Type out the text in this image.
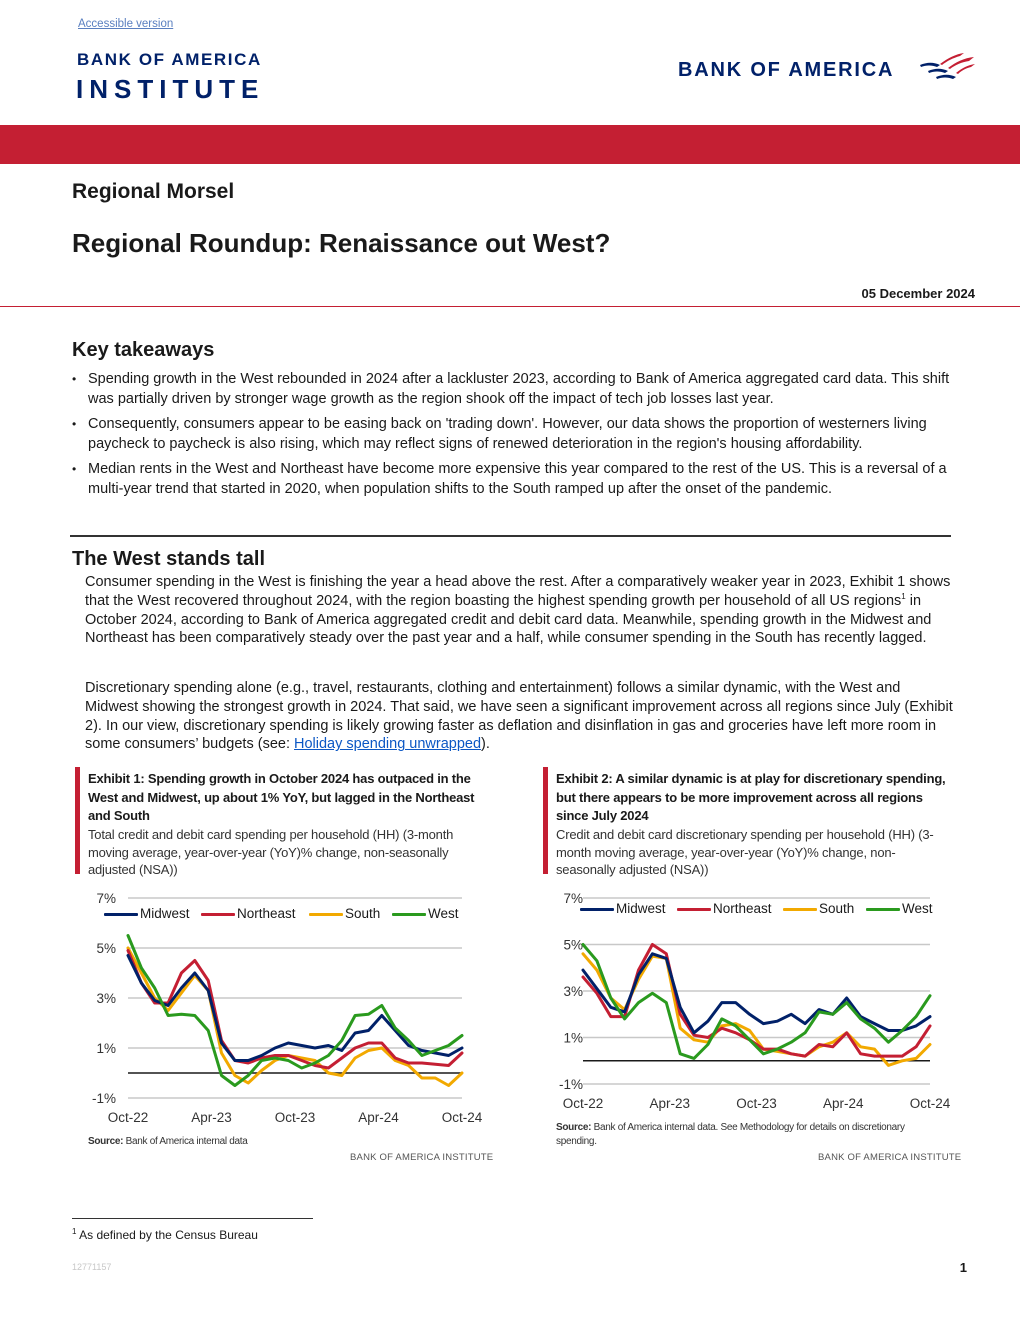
Accessible version
BANK OF AMERICA
INSTITUTE
BANK OF AMERICA
Regional Morsel
Regional Roundup: Renaissance out West?
05 December 2024
Key takeaways
• Spending growth in the West rebounded in 2024 after a lackluster 2023, according to Bank of America aggregated card data. This shift was partially driven by stronger wage growth as the region shook off the impact of tech job losses last year.
• Consequently, consumers appear to be easing back on 'trading down'. However, our data shows the proportion of westerners living paycheck to paycheck is also rising, which may reflect signs of renewed deterioration in the region's housing affordability.
• Median rents in the West and Northeast have become more expensive this year compared to the rest of the US. This is a reversal of a multi-year trend that started in 2020, when population shifts to the South ramped up after the onset of the pandemic.
The West stands tall

Consumer spending in the West is finishing the year a head above the rest. After a comparatively weaker year in 2023, Exhibit 1 shows that the West recovered throughout 2024, with the region boasting the highest spending growth per household of all US regions$^1$ in October 2024, according to Bank of America aggregated credit and debit card data. Meanwhile, spending growth in the Midwest and Northeast has been comparatively steady over the past year and a half, while consumer spending in the South has recently lagged.

Discretionary spending alone (e.g., travel, restaurants, clothing and entertainment) follows a similar dynamic, with the West and Midwest showing the strongest growth in 2024. That said, we have seen a significant improvement across all regions since July (Exhibit 2). In our view, discretionary spending is likely growing faster as deflation and disinflation in gas and groceries have left more room in some consumers’ budgets (see: Holiday spending unwrapped).

Exhibit 1: Spending growth in October 2024 has outpaced in the West and Midwest, up about 1% YoY, but lagged in the Northeast and South
Total credit and debit card spending per household (HH) (3-month moving average, year-over-year (YoY)% change, non-seasonally adjusted (NSA))
Midwest	Northeast	South	West
7%
5%
3%
1%
-1%
Oct-22	Apr-23	Oct-23	Apr-24	Oct-24
Source: Bank of America internal data
BANK OF AMERICA INSTITUTE
Exhibit 2: A similar dynamic is at play for discretionary spending, but there appears to be more improvement across all regions since July 2024
Credit and debit card discretionary spending per household (HH) (3-month moving average, year-over-year (YoY)% change, non-seasonally adjusted (NSA))
Midwest	Northeast	South	West
7%
5%
3%
1%
-1%
Oct-22	Apr-23	Oct-23	Apr-24	Oct-24
Source: Bank of America internal data. See Methodology for details on discretionary spending.
BANK OF AMERICA INSTITUTE
$^1$ As defined by the Census Bureau
12771157	1
